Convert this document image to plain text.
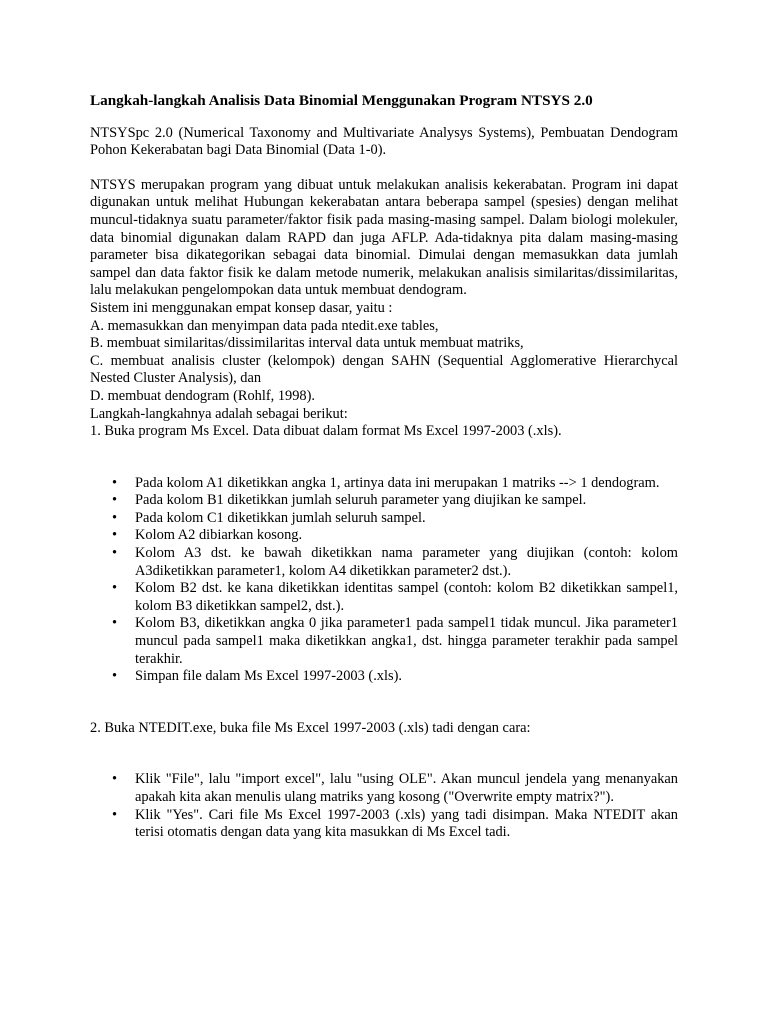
Langkah-langkah Analisis Data Binomial Menggunakan Program NTSYS 2.0

NTSYSpc 2.0 (Numerical Taxonomy and Multivariate Analysys Systems), Pembuatan Dendogram Pohon Kekerabatan bagi Data Binomial (Data 1-0).

NTSYS merupakan program yang dibuat untuk melakukan analisis kekerabatan. Program ini dapat digunakan untuk melihat Hubungan kekerabatan antara beberapa sampel (spesies) dengan melihat muncul-tidaknya suatu parameter/faktor fisik pada masing-masing sampel. Dalam biologi molekuler, data binomial digunakan dalam RAPD dan juga AFLP. Ada-tidaknya pita dalam masing-masing parameter bisa dikategorikan sebagai data binomial. Dimulai dengan memasukkan data jumlah sampel dan data faktor fisik ke dalam metode numerik, melakukan analisis similaritas/dissimilaritas, lalu melakukan pengelompokan data untuk membuat dendogram.

Sistem ini menggunakan empat konsep dasar, yaitu :

A. memasukkan dan menyimpan data pada ntedit.exe tables,

B. membuat similaritas/dissimilaritas interval data untuk membuat matriks,

C. membuat analisis cluster (kelompok) dengan SAHN (Sequential Agglomerative Hierarchycal Nested Cluster Analysis), dan

D. membuat dendogram (Rohlf, 1998).

Langkah-langkahnya adalah sebagai berikut:

1. Buka program Ms Excel. Data dibuat dalam format Ms Excel 1997-2003 (.xls).

• Pada kolom A1 diketikkan angka 1, artinya data ini merupakan 1 matriks --> 1 dendogram.
• Pada kolom B1 diketikkan jumlah seluruh parameter yang diujikan ke sampel.
• Pada kolom C1 diketikkan jumlah seluruh sampel.
• Kolom A2 dibiarkan kosong.
• Kolom A3 dst. ke bawah diketikkan nama parameter yang diujikan (contoh: kolom A3diketikkan parameter1, kolom A4 diketikkan parameter2 dst.).
• Kolom B2 dst. ke kana diketikkan identitas sampel (contoh: kolom B2 diketikkan sampel1, kolom B3 diketikkan sampel2, dst.).
• Kolom B3, diketikkan angka 0 jika parameter1 pada sampel1 tidak muncul. Jika parameter1 muncul pada sampel1 maka diketikkan angka1, dst. hingga parameter terakhir pada sampel terakhir.
• Simpan file dalam Ms Excel 1997-2003 (.xls).

2. Buka NTEDIT.exe, buka file Ms Excel 1997-2003 (.xls) tadi dengan cara:

• Klik "File", lalu "import excel", lalu "using OLE". Akan muncul jendela yang menanyakan apakah kita akan menulis ulang matriks yang kosong ("Overwrite empty matrix?").
• Klik "Yes". Cari file Ms Excel 1997-2003 (.xls) yang tadi disimpan. Maka NTEDIT akan terisi otomatis dengan data yang kita masukkan di Ms Excel tadi.
